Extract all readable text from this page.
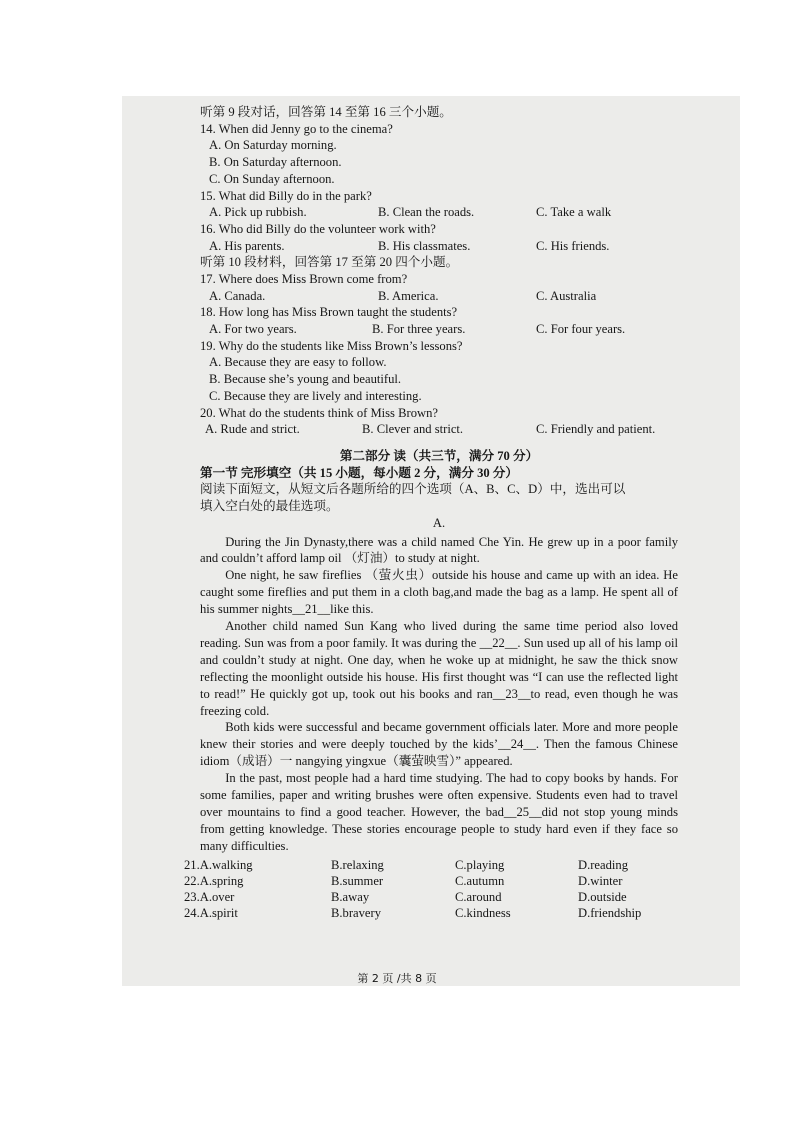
听第 9 段对话，回答第 14 至第 16 三个小题。
14. When did Jenny go to the cinema?
A. On Saturday morning.
B. On Saturday afternoon.
C. On Sunday afternoon.
15. What did Billy do in the park?
A. Pick up rubbish.	B. Clean the roads.	C. Take a walk
16. Who did Billy do the volunteer work with?
A. His parents.	B. His classmates.	C. His friends.
听第 10 段材料，回答第 17 至第 20 四个小题。
17. Where does Miss Brown come from?
A. Canada.	B. America.	C. Australia
18. How long has Miss Brown taught the students?
A. For two years.	B. For three years.	C. For four years.
19. Why do the students like Miss Brown’s lessons?
A. Because they are easy to follow.
B. Because she’s young and beautiful.
C. Because they are lively and interesting.
20. What do the students think of Miss Brown?
A. Rude and strict.	B. Clever and strict.	C. Friendly and patient.
第二部分 读（共三节，满分 70 分）
第一节 完形填空（共 15 小题，每小题 2 分，满分 30 分）
阅读下面短文，从短文后各题所给的四个选项（A、B、C、D）中，选出可以
填入空白处的最佳选项。
A.

During the Jin Dynasty,there was a child named Che Yin. He grew up in a poor family and couldn’t afford lamp oil （灯油）to study at night.

One night, he saw fireflies （萤火虫）outside his house and came up with an idea. He caught some fireflies and put them in a cloth bag,and made the bag as a lamp. He spent all of his summer nights__21__like this.

Another child named Sun Kang who lived during the same time period also loved reading. Sun was from a poor family. It was during the __22__. Sun used up all of his lamp oil and couldn’t study at night. One day, when he woke up at midnight, he saw the thick snow reflecting the moonlight outside his house. His first thought was “I can use the reflected light to read!” He quickly got up, took out his books and ran__23__to read, even though he was freezing cold.

Both kids were successful and became government officials later. More and more people knew their stories and were deeply touched by the kids’__24__. Then the famous Chinese idiom（成语）一 nangying yingxue（囊萤映雪）” appeared.

In the past, most people had a hard time studying. The had to copy books by hands. For some families, paper and writing brushes were often expensive. Students even had to travel over mountains to find a good teacher. However, the bad__25__did not stop young minds from getting knowledge. These stories encourage people to study hard even if they face so many difficulties.

21.A.walking	B.relaxing	C.playing	D.reading
22.A.spring	B.summer	C.autumn	D.winter
23.A.over	B.away	C.around	D.outside
24.A.spirit	B.bravery	C.kindness	D.friendship
第 2 页 /共 8 页
